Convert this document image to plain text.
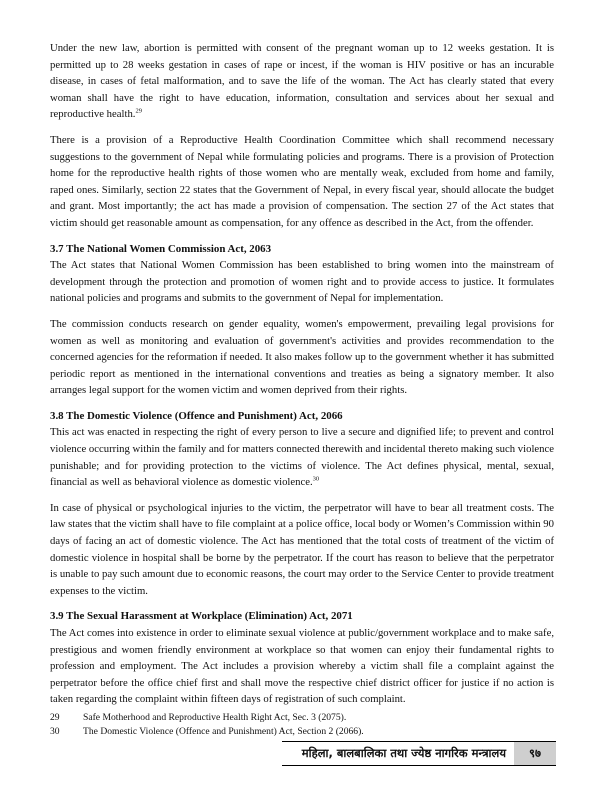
Under the new law, abortion is permitted with consent of the pregnant woman up to 12 weeks gestation. It is permitted up to 28 weeks gestation in cases of rape or incest, if the woman is HIV positive or has an incurable disease, in cases of fetal malformation, and to save the life of the woman. The Act has clearly stated that every woman shall have the right to have education, information, consultation and services about her sexual and reproductive health.$^{29}$

There is a provision of a Reproductive Health Coordination Committee which shall recommend necessary suggestions to the government of Nepal while formulating policies and programs. There is a provision of Protection home for the reproductive health rights of those women who are mentally weak, excluded from home and family, raped ones. Similarly, section 22 states that the Government of Nepal, in every fiscal year, should allocate the budget and grant. Most importantly; the act has made a provision of compensation. The section 27 of the Act states that victim should get reasonable amount as compensation, for any offence as described in the Act, from the offender.

3.7 The National Women Commission Act, 2063

The Act states that National Women Commission has been established to bring women into the mainstream of development through the protection and promotion of women right and to provide access to justice. It formulates national policies and programs and submits to the government of Nepal for implementation.

The commission conducts research on gender equality, women's empowerment, prevailing legal provisions for women as well as monitoring and evaluation of government's activities and provides recommendation to the concerned agencies for the reformation if needed. It also makes follow up to the government whether it has submitted periodic report as mentioned in the international conventions and treaties as being a signatory member. It also arranges legal support for the women victim and women deprived from their rights.

3.8 The Domestic Violence (Offence and Punishment) Act, 2066

This act was enacted in respecting the right of every person to live a secure and dignified life; to prevent and control violence occurring within the family and for matters connected therewith and incidental thereto making such violence punishable; and for providing protection to the victims of violence. The Act defines physical, mental, sexual, financial as well as behavioral violence as domestic violence.$^{30}$

In case of physical or psychological injuries to the victim, the perpetrator will have to bear all treatment costs. The law states that the victim shall have to file complaint at a police office, local body or Women’s Commission within 90 days of facing an act of domestic violence. The Act has mentioned that the total costs of treatment of the victim of domestic violence in hospital shall be borne by the perpetrator. If the court has reason to believe that the perpetrator is unable to pay such amount due to economic reasons, the court may order to the Service Center to provide treatment expenses to the victim.

3.9 The Sexual Harassment at Workplace (Elimination) Act, 2071

The Act comes into existence in order to eliminate sexual violence at public/government workplace and to make safe, prestigious and women friendly environment at workplace so that women can enjoy their fundamental rights to profession and employment. The Act includes a provision whereby a victim shall file a complaint against the perpetrator before the office chief first and shall move the respective chief district officer for justice if no action is taken regarding the complaint within fifteen days of registration of such complaint.

29	Safe Motherhood and Reproductive Health Right Act, Sec. 3 (2075).
30	The Domestic Violence (Offence and Punishment) Act, Section 2 (2066).
महिला, बालबालिका तथा ज्येष्ठ नागरिक मन्त्रालय	९७
